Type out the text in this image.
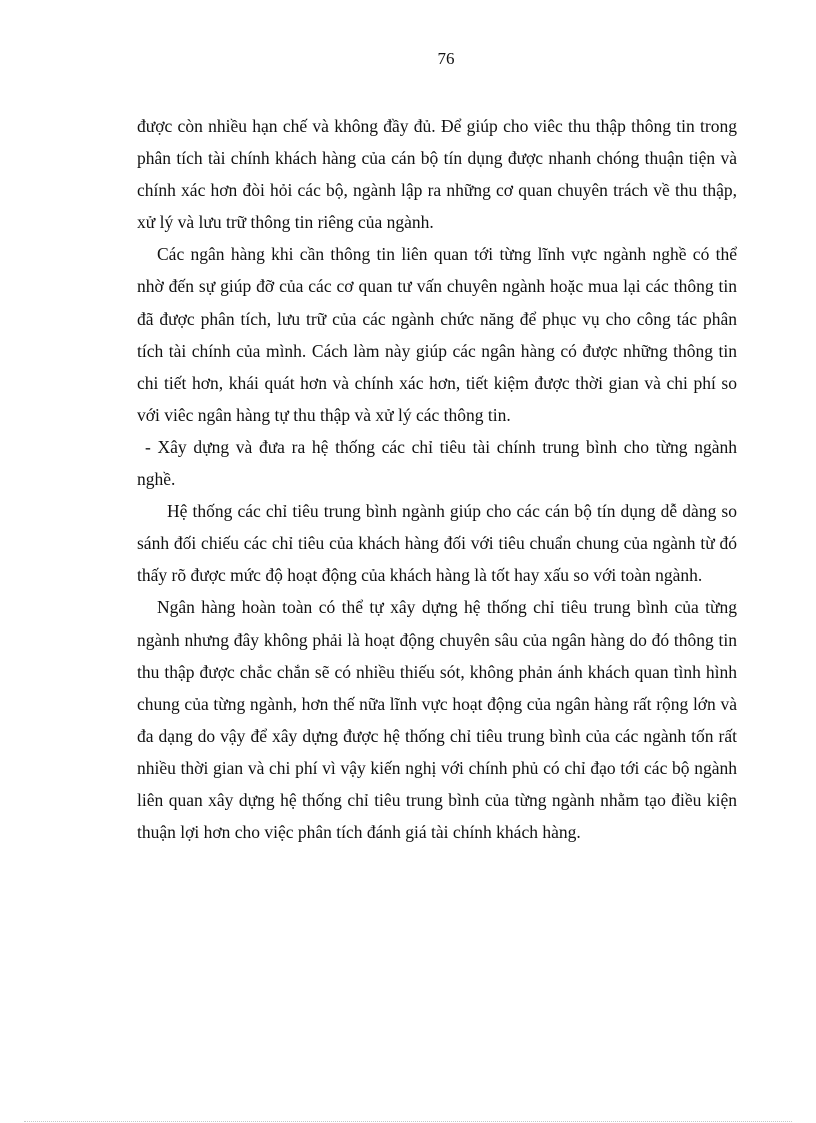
76

được còn nhiều hạn chế và không đầy đủ. Để giúp cho viêc thu thập thông tin trong phân tích tài chính khách hàng của cán bộ tín dụng được nhanh chóng thuận tiện và chính xác hơn đòi hỏi các bộ, ngành lập ra những cơ quan chuyên trách về thu thập, xử lý và lưu trữ thông tin riêng của ngành.

Các ngân hàng khi cần thông tin liên quan tới từng lĩnh vực ngành nghề có thể nhờ đến sự giúp đỡ của các cơ quan tư vấn chuyên ngành hoặc mua lại các thông tin đã được phân tích, lưu trữ của các ngành chức năng để phục vụ cho công tác phân tích tài chính của mình. Cách làm này giúp các ngân hàng có được những thông tin chi tiết hơn, khái quát hơn và chính xác hơn, tiết kiệm được thời gian và chi phí so với viêc ngân hàng tự thu thập và xử lý các thông tin.

- Xây dựng và đưa ra hệ thống các chỉ tiêu tài chính trung bình cho từng ngành nghề.

Hệ thống các chỉ tiêu trung bình ngành giúp cho các cán bộ tín dụng dễ dàng so sánh đối chiếu các chỉ tiêu của khách hàng đối với tiêu chuẩn chung của ngành từ đó thấy rõ được mức độ hoạt động của khách hàng là tốt hay xấu so với toàn ngành.

Ngân hàng hoàn toàn có thể tự xây dựng hệ thống chỉ tiêu trung bình của từng ngành nhưng đây không phải là hoạt động chuyên sâu của ngân hàng do đó thông tin thu thập được chắc chắn sẽ có nhiều thiếu sót, không phản ánh khách quan tình hình chung của từng ngành, hơn thế nữa lĩnh vực hoạt động của ngân hàng rất rộng lớn và đa dạng do vậy để xây dựng được hệ thống chỉ tiêu trung bình của các ngành tốn rất nhiều thời gian và chi phí vì vậy kiến nghị với chính phủ có chỉ đạo tới các bộ ngành liên quan xây dựng hệ thống chỉ tiêu trung bình của từng ngành nhằm tạo điều kiện thuận lợi hơn cho việc phân tích đánh giá tài chính khách hàng.
